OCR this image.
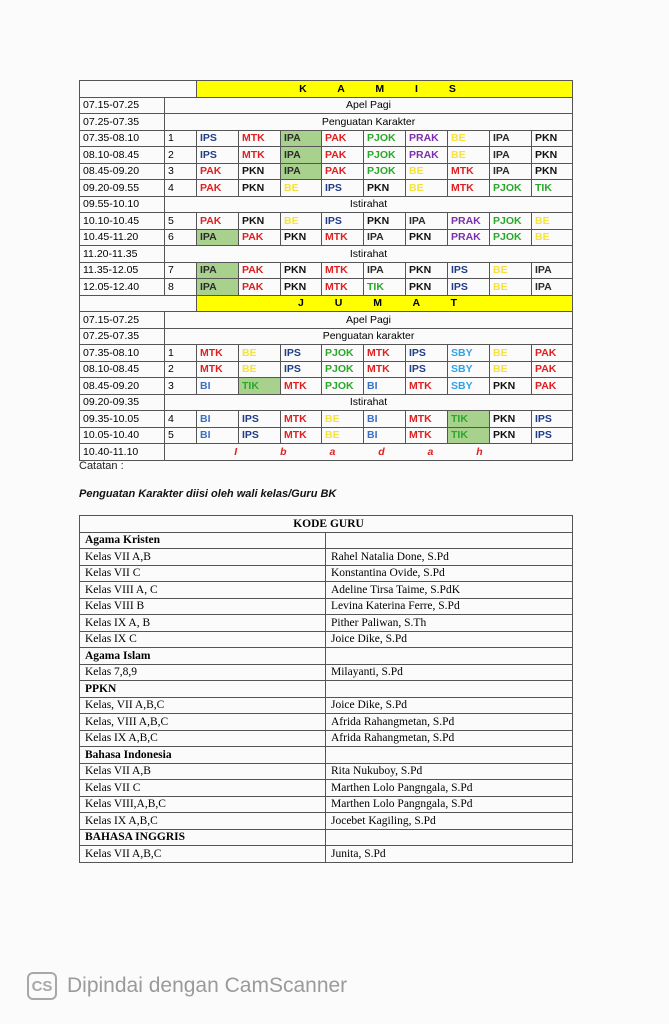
		K A M I S								
07.15-07.25	Apel Pagi									
07.25-07.35	Penguatan Karakter									
07.35-08.10	1	IPS	MTK	IPA	PAK	PJOK	PRAK	BE	IPA	PKN
08.10-08.45	2	IPS	MTK	IPA	PAK	PJOK	PRAK	BE	IPA	PKN
08.45-09.20	3	PAK	PKN	IPA	PAK	PJOK	BE	MTK	IPA	PKN
09.20-09.55	4	PAK	PKN	BE	IPS	PKN	BE	MTK	PJOK	TIK
09.55-10.10	Istirahat									
10.10-10.45	5	PAK	PKN	BE	IPS	PKN	IPA	PRAK	PJOK	BE
10.45-11.20	6	IPA	PAK	PKN	MTK	IPA	PKN	PRAK	PJOK	BE
11.20-11.35	Istirahat									
11.35-12.05	7	IPA	PAK	PKN	MTK	IPA	PKN	IPS	BE	IPA
12.05-12.40	8	IPA	PAK	PKN	MTK	TIK	PKN	IPS	BE	IPA
		J U M A T								
07.15-07.25	Apel Pagi									
07.25-07.35	Penguatan karakter									
07.35-08.10	1	MTK	BE	IPS	PJOK	MTK	IPS	SBY	BE	PAK
08.10-08.45	2	MTK	BE	IPS	PJOK	MTK	IPS	SBY	BE	PAK
08.45-09.20	3	BI	TIK	MTK	PJOK	BI	MTK	SBY	PKN	PAK
09.20-09.35	Istirahat									
09.35-10.05	4	BI	IPS	MTK	BE	BI	MTK	TIK	PKN	IPS
10.05-10.40	5	BI	IPS	MTK	BE	BI	MTK	TIK	PKN	IPS
10.40-11.10	I b a d a h									
Catatan :
Penguatan Karakter diisi oleh wali kelas/Guru BK
KODE GURU	
Agama Kristen	
Kelas VII A,B	Rahel Natalia Done, S.Pd
Kelas VII C	Konstantina Ovide, S.Pd
Kelas VIII A, C	Adeline Tirsa Taime, S.PdK
Kelas VIII B	Levina Katerina Ferre, S.Pd
Kelas IX A, B	Pither Paliwan, S.Th
Kelas IX C	Joice Dike, S.Pd
Agama Islam	
Kelas 7,8,9	Milayanti, S.Pd
PPKN	
Kelas, VII A,B,C	Joice Dike, S.Pd
Kelas, VIII A,B,C	Afrida Rahangmetan, S.Pd
Kelas IX A,B,C	Afrida Rahangmetan, S.Pd
Bahasa Indonesia	
Kelas VII A,B	Rita Nukuboy, S.Pd
Kelas VII C	Marthen Lolo Pangngala, S.Pd
Kelas VIII,A,B,C	Marthen Lolo Pangngala, S.Pd
Kelas IX A,B,C	Jocebet Kagiling, S.Pd
BAHASA INGGRIS	
Kelas VII A,B,C	Junita, S.Pd
CS Dipindai dengan CamScanner
